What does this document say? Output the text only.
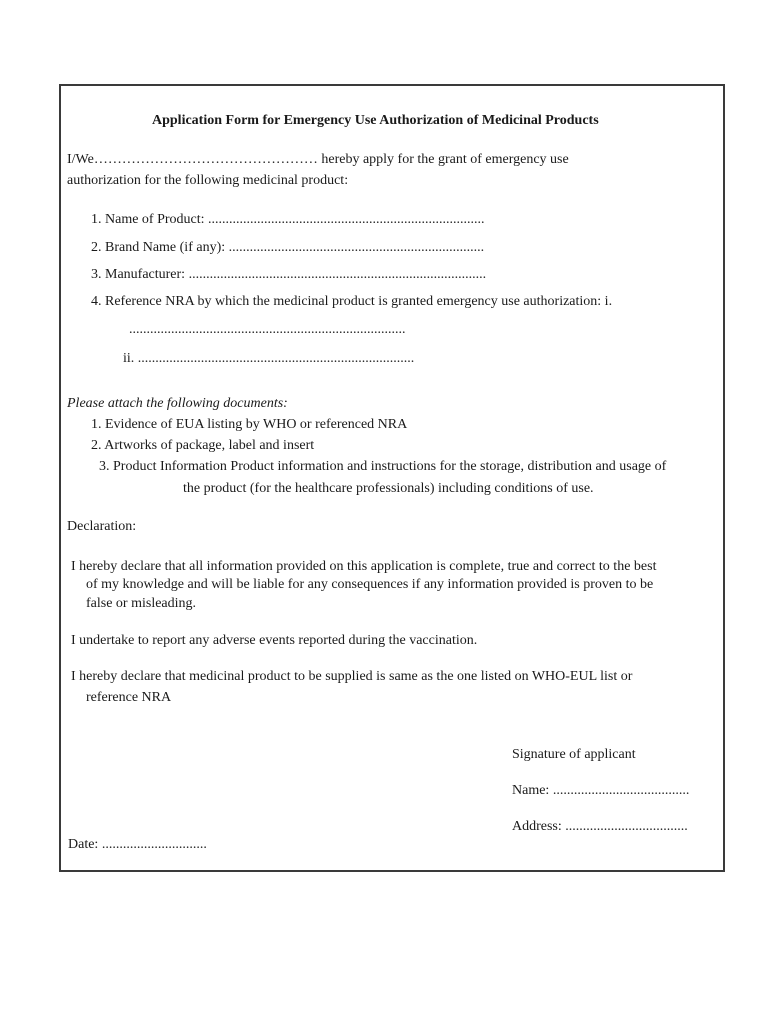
Application Form for Emergency Use Authorization of Medicinal Products
I/We………………………………………… hereby apply for the grant of emergency use
authorization for the following medicinal product:
1. Name of Product: ...............................................................................
2. Brand Name (if any): .........................................................................
3. Manufacturer: .....................................................................................
4. Reference NRA by which the medicinal product is granted emergency use authorization: i.
...............................................................................
ii. ...............................................................................
Please attach the following documents:
1. Evidence of EUA listing by WHO or referenced NRA
2. Artworks of package, label and insert
3. Product Information Product information and instructions for the storage, distribution and usage of
the product (for the healthcare professionals) including conditions of use.
Declaration:
I hereby declare that all information provided on this application is complete, true and correct to the best
of my knowledge and will be liable for any consequences if any information provided is proven to be
false or misleading.
I undertake to report any adverse events reported during the vaccination.
I hereby declare that medicinal product to be supplied is same as the one listed on WHO-EUL list or
reference NRA
Signature of applicant
Name: .......................................
Address: ...................................
Date: ..............................
